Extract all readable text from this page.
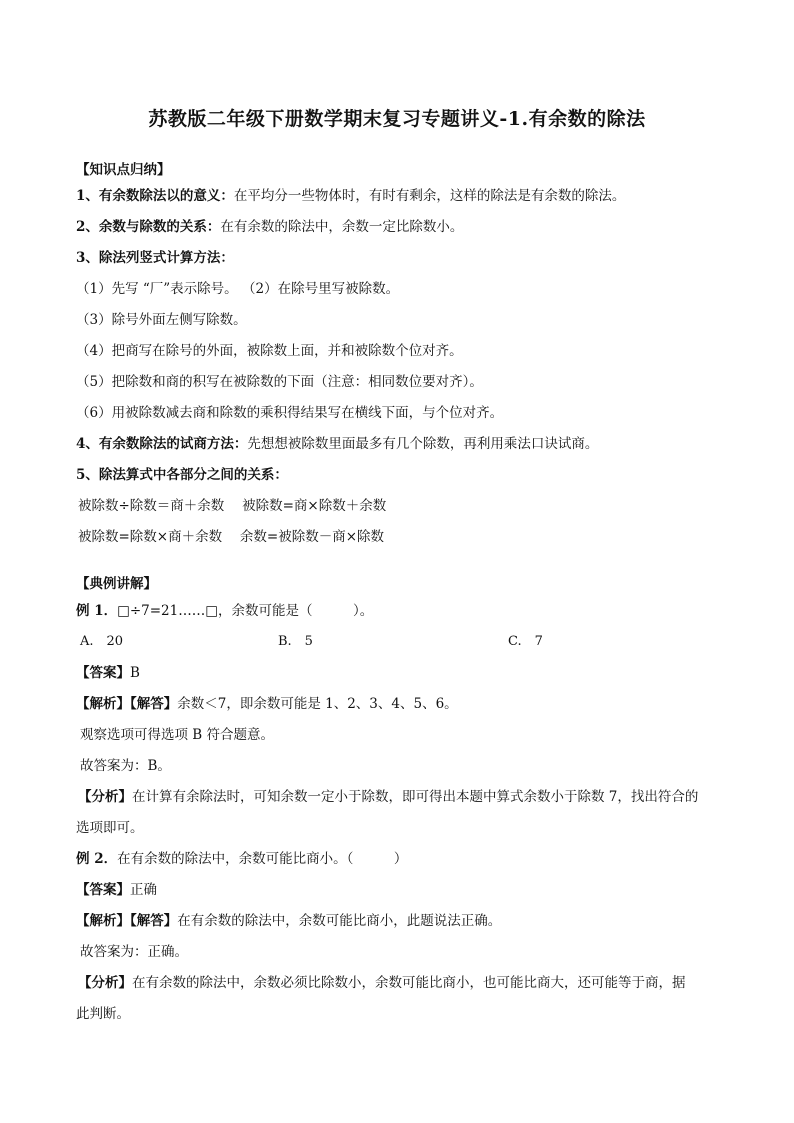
苏教版二年级下册数学期末复习专题讲义-1.有余数的除法
【知识点归纳】
1、有余数除法以的意义：在平均分一些物体时，有时有剩余，这样的除法是有余数的除法。
2、余数与除数的关系：在有余数的除法中，余数一定比除数小。
3、除法列竖式计算方法：
（1）先写 “厂”表示除号。 （2）在除号里写被除数。
（3）除号外面左侧写除数。
（4）把商写在除号的外面，被除数上面，并和被除数个位对齐。
（5）把除数和商的积写在被除数的下面（注意：相同数位要对齐）。
（6）用被除数减去商和除数的乘积得结果写在横线下面，与个位对齐。
4、有余数除法的试商方法：先想想被除数里面最多有几个除数，再利用乘法口诀试商。
5、除法算式中各部分之间的关系：
被除数÷除数＝商＋余数　 被除数=商×除数＋余数
被除数=除数×商＋余数　 余数=被除数－商×除数
【典例讲解】
例 1．□÷7=21……□，余数可能是（　　　）。
A.　20	B.　5	C.　7
【答案】B
【解析】【解答】余数＜7，即余数可能是 1、2、3、4、5、6。
观察选项可得选项 B 符合题意。
故答案为：B。
【分析】在计算有余除法时，可知余数一定小于除数，即可得出本题中算式余数小于除数 7，找出符合的
选项即可。
例 2．在有余数的除法中，余数可能比商小。（　　　）
【答案】正确
【解析】【解答】在有余数的除法中，余数可能比商小，此题说法正确。
故答案为：正确。
【分析】在有余数的除法中，余数必须比除数小，余数可能比商小，也可能比商大，还可能等于商，据
此判断。
